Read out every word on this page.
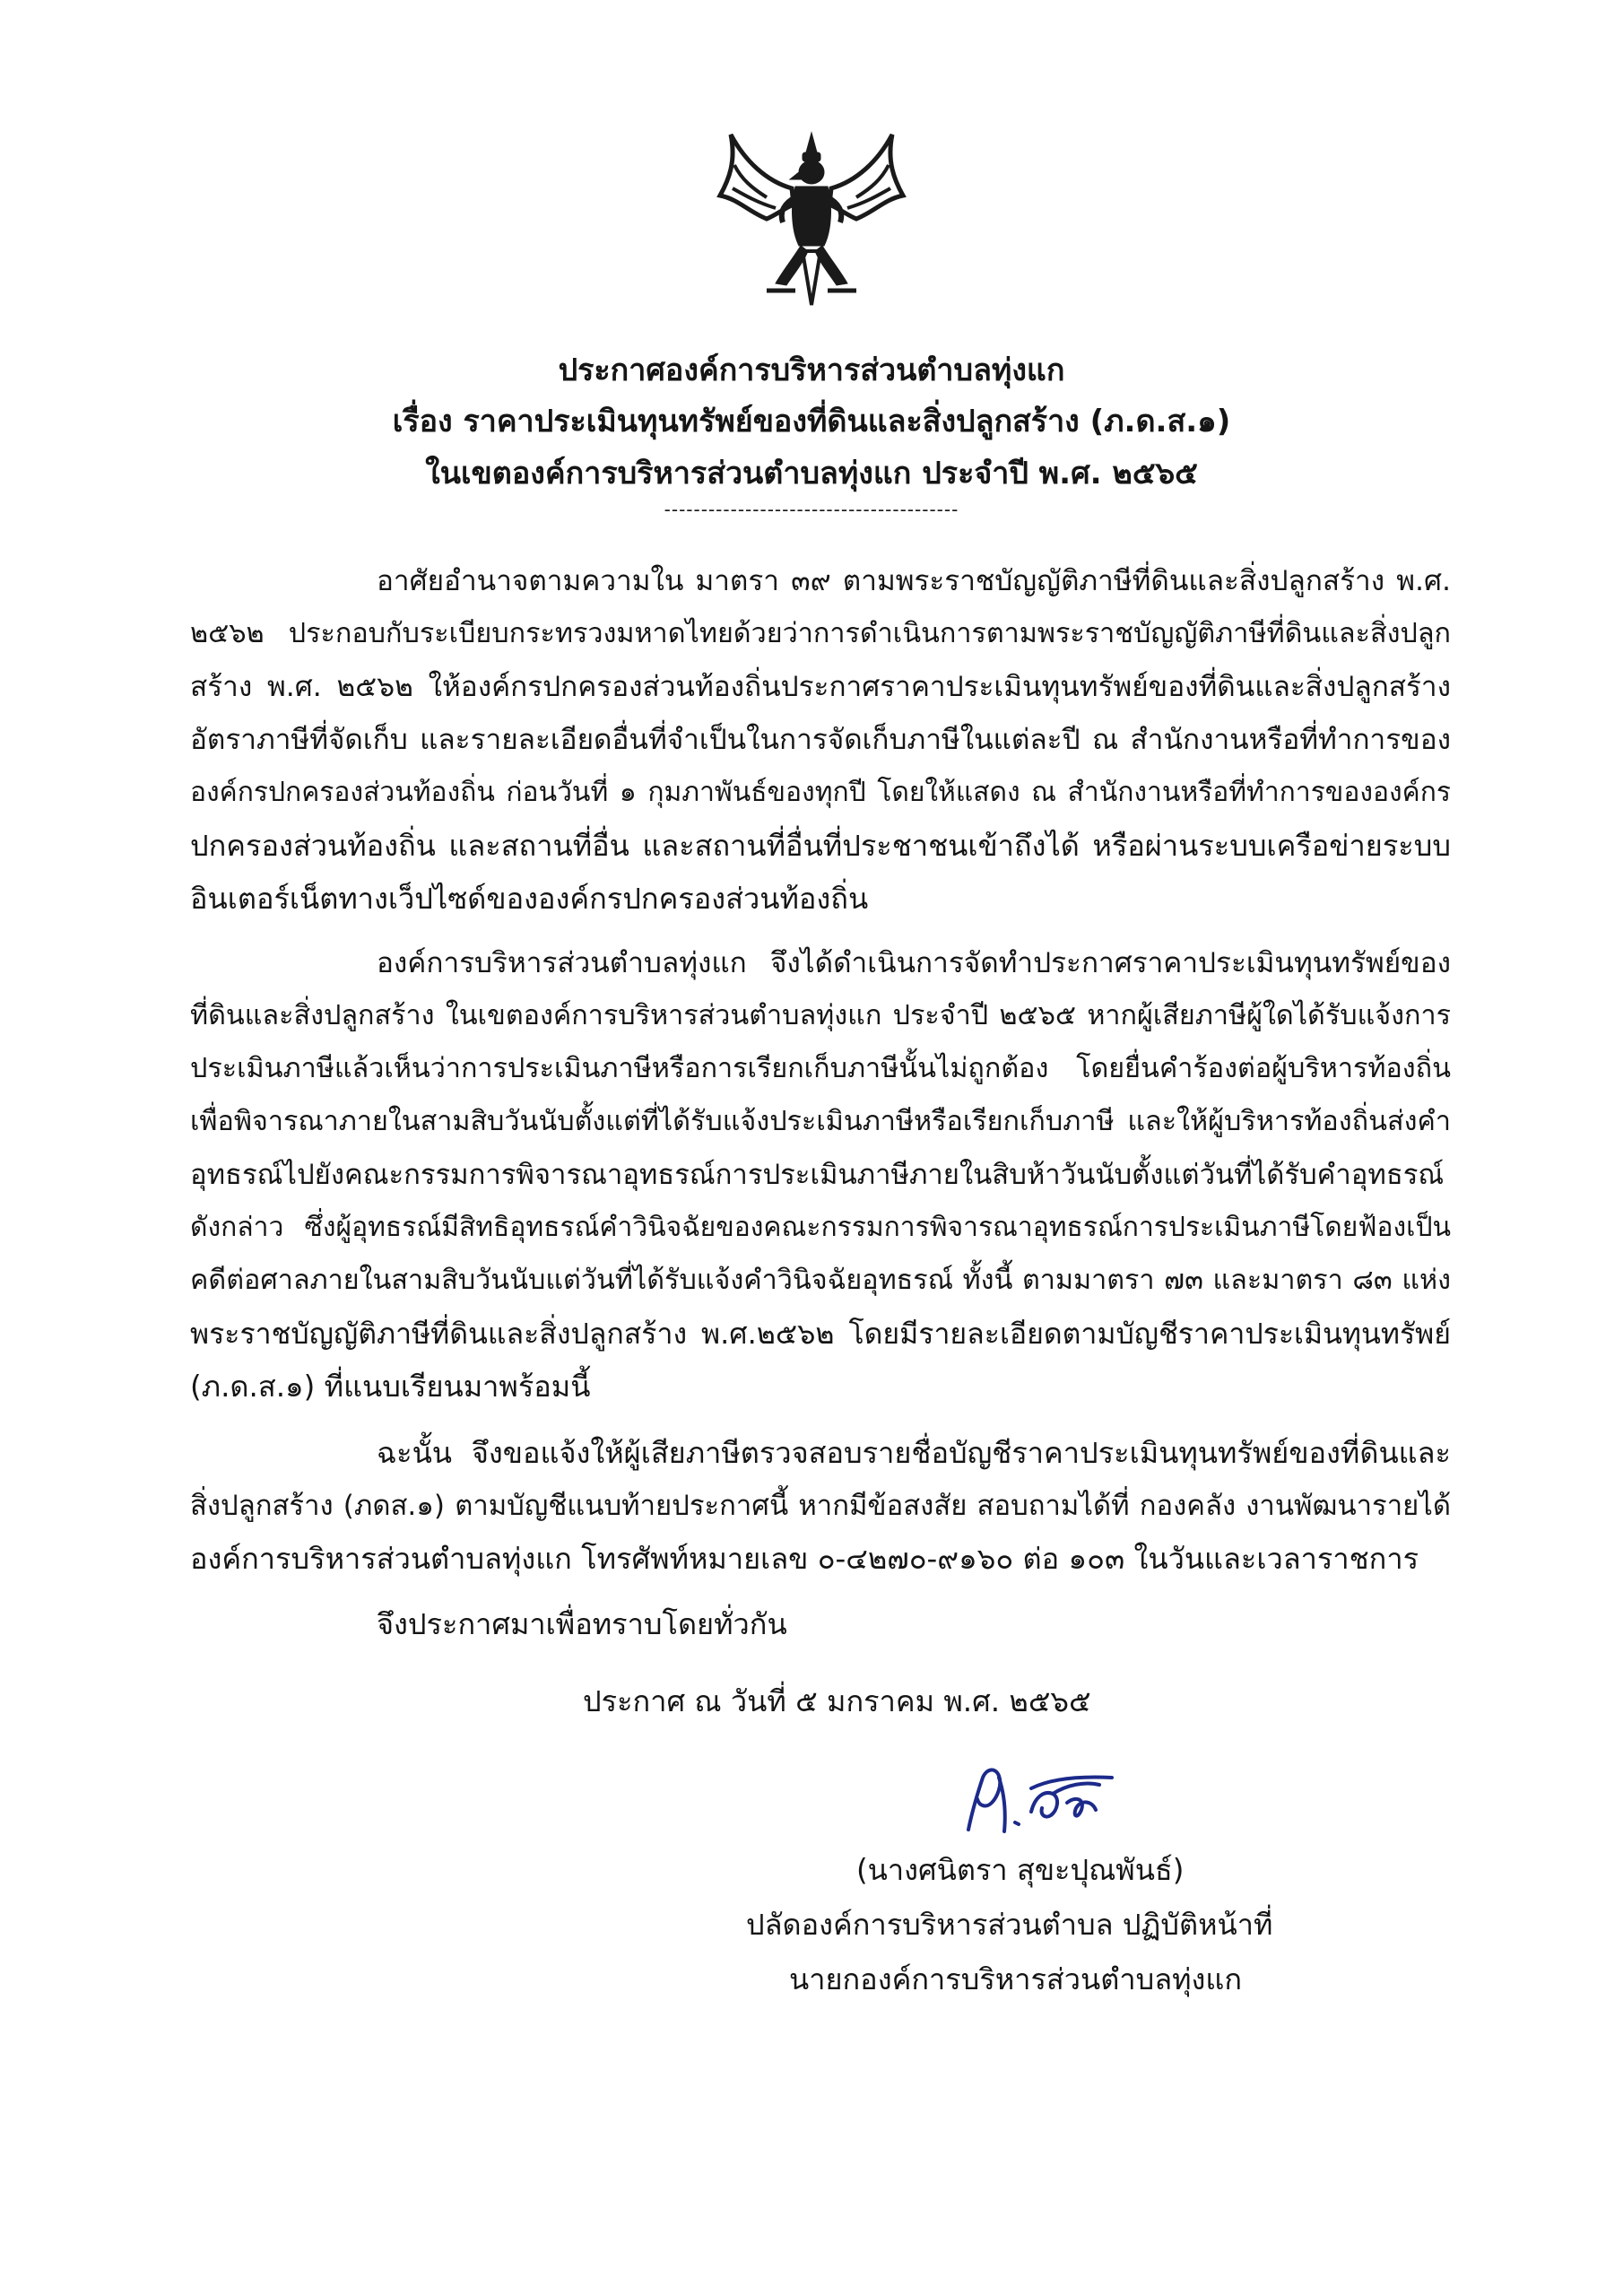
ประกาศองค์การบริหารส่วนตำบลทุ่งแก
เรื่อง ราคาประเมินทุนทรัพย์ของที่ดินและสิ่งปลูกสร้าง (ภ.ด.ส.๑)
ในเขตองค์การบริหารส่วนตำบลทุ่งแก ประจำปี พ.ศ. ๒๕๖๕
----------------------------------------
อาศัยอำนาจตามความใน มาตรา ๓๙ ตามพระราชบัญญัติภาษีที่ดินและสิ่งปลูกสร้าง พ.ศ.
๒๕๖๒ ประกอบกับระเบียบกระทรวงมหาดไทยด้วยว่าการดำเนินการตามพระราชบัญญัติภาษีที่ดินและสิ่งปลูก
สร้าง พ.ศ. ๒๕๖๒ ให้องค์กรปกครองส่วนท้องถิ่นประกาศราคาประเมินทุนทรัพย์ของที่ดินและสิ่งปลูกสร้าง
อัตราภาษีที่จัดเก็บ และรายละเอียดอื่นที่จำเป็นในการจัดเก็บภาษีในแต่ละปี ณ สำนักงานหรือที่ทำการของ
องค์กรปกครองส่วนท้องถิ่น ก่อนวันที่ ๑ กุมภาพันธ์ของทุกปี โดยให้แสดง ณ สำนักงานหรือที่ทำการขององค์กร
ปกครองส่วนท้องถิ่น และสถานที่อื่น และสถานที่อื่นที่ประชาชนเข้าถึงได้ หรือผ่านระบบเครือข่ายระบบ
อินเตอร์เน็ตทางเว็ปไซด์ขององค์กรปกครองส่วนท้องถิ่น
องค์การบริหารส่วนตำบลทุ่งแก จึงได้ดำเนินการจัดทำประกาศราคาประเมินทุนทรัพย์ของ
ที่ดินและสิ่งปลูกสร้าง ในเขตองค์การบริหารส่วนตำบลทุ่งแก ประจำปี ๒๕๖๕ หากผู้เสียภาษีผู้ใดได้รับแจ้งการ
ประเมินภาษีแล้วเห็นว่าการประเมินภาษีหรือการเรียกเก็บภาษีนั้นไม่ถูกต้อง โดยยื่นคำร้องต่อผู้บริหารท้องถิ่น
เพื่อพิจารณาภายในสามสิบวันนับตั้งแต่ที่ได้รับแจ้งประเมินภาษีหรือเรียกเก็บภาษี และให้ผู้บริหารท้องถิ่นส่งคำ
อุทธรณ์ไปยังคณะกรรมการพิจารณาอุทธรณ์การประเมินภาษีภายในสิบห้าวันนับตั้งแต่วันที่ได้รับคำอุทธรณ์
ดังกล่าว ซึ่งผู้อุทธรณ์มีสิทธิอุทธรณ์คำวินิจฉัยของคณะกรรมการพิจารณาอุทธรณ์การประเมินภาษีโดยฟ้องเป็น
คดีต่อศาลภายในสามสิบวันนับแต่วันที่ได้รับแจ้งคำวินิจฉัยอุทธรณ์ ทั้งนี้ ตามมาตรา ๗๓ และมาตรา ๘๓ แห่ง
พระราชบัญญัติภาษีที่ดินและสิ่งปลูกสร้าง พ.ศ.๒๕๖๒ โดยมีรายละเอียดตามบัญชีราคาประเมินทุนทรัพย์
(ภ.ด.ส.๑) ที่แนบเรียนมาพร้อมนี้
ฉะนั้น จึงขอแจ้งให้ผู้เสียภาษีตรวจสอบรายชื่อบัญชีราคาประเมินทุนทรัพย์ของที่ดินและ
สิ่งปลูกสร้าง (ภดส.๑) ตามบัญชีแนบท้ายประกาศนี้ หากมีข้อสงสัย สอบถามได้ที่ กองคลัง งานพัฒนารายได้
องค์การบริหารส่วนตำบลทุ่งแก โทรศัพท์หมายเลข ๐-๔๒๗๐-๙๑๖๐ ต่อ ๑๐๓ ในวันและเวลาราชการ
จึงประกาศมาเพื่อทราบโดยทั่วกัน
ประกาศ ณ วันที่ ๕ มกราคม พ.ศ. ๒๕๖๕
(นางศนิตรา สุขะปุณพันธ์)
ปลัดองค์การบริหารส่วนตำบล ปฏิบัติหน้าที่
นายกองค์การบริหารส่วนตำบลทุ่งแก
